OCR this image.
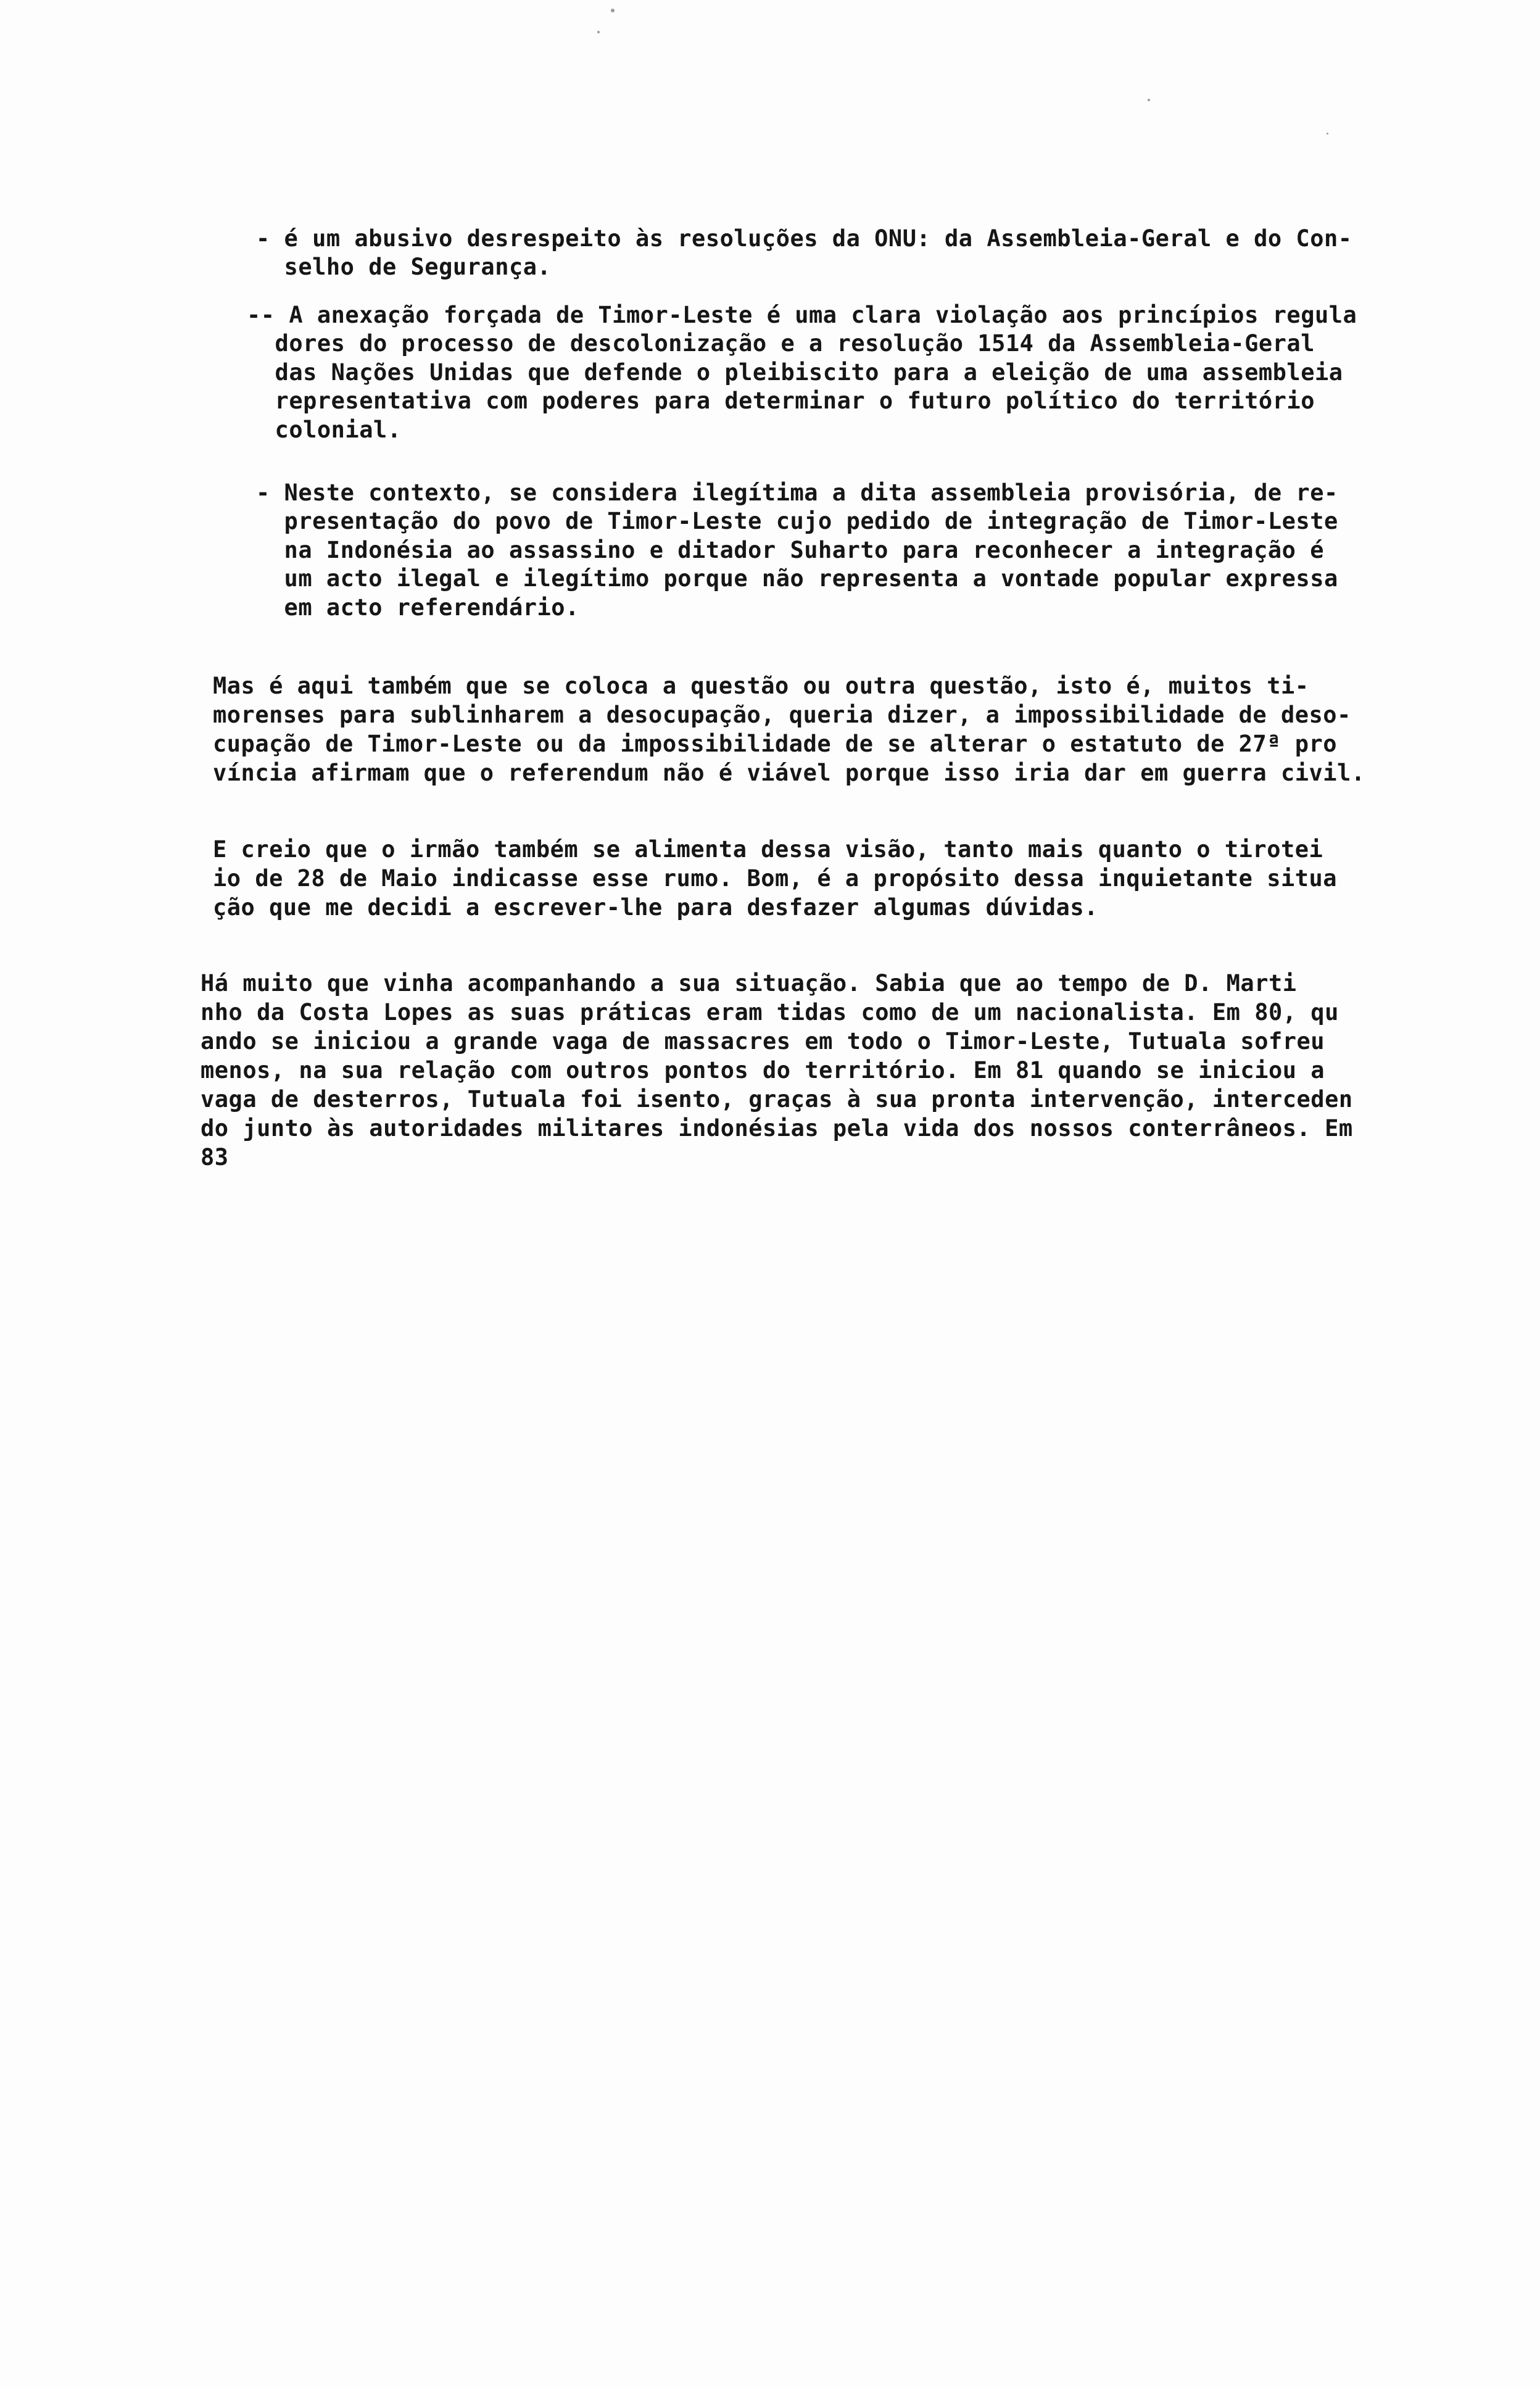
- é um abusivo desrespeito às resoluções da ONU: da Assembleia-Geral e do Con-
selho de Segurança.
-- A anexação forçada de Timor-Leste é uma clara violação aos princípios regula
dores do processo de descolonização e a resolução 1514 da Assembleia-Geral
das Nações Unidas que defende o pleibiscito para a eleição de uma assembleia
representativa com poderes para determinar o futuro político do território
colonial.
- Neste contexto, se considera ilegítima a dita assembleia provisória, de re-
presentação do povo de Timor-Leste cujo pedido de integração de Timor-Leste
na Indonésia ao assassino e ditador Suharto para reconhecer a integração é
um acto ilegal e ilegítimo porque não representa a vontade popular expressa
em acto referendário.
Mas é aqui também que se coloca a questão ou outra questão, isto é, muitos ti-
morenses para sublinharem a desocupação, queria dizer, a impossibilidade de deso-
cupação de Timor-Leste ou da impossibilidade de se alterar o estatuto de 27ª pro
víncia afirmam que o referendum não é viável porque isso iria dar em guerra civil.
E creio que o irmão também se alimenta dessa visão, tanto mais quanto o tirotei
io de 28 de Maio indicasse esse rumo. Bom, é a propósito dessa inquietante situa
ção que me decidi a escrever-lhe para desfazer algumas dúvidas.
Há muito que vinha acompanhando a sua situação. Sabia que ao tempo de D. Marti
nho da Costa Lopes as suas práticas eram tidas como de um nacionalista. Em 80, qu
ando se iniciou a grande vaga de massacres em todo o Timor-Leste, Tutuala sofreu
menos, na sua relação com outros pontos do território. Em 81 quando se iniciou a
vaga de desterros, Tutuala foi isento, graças à sua pronta intervenção, interceden
do junto às autoridades militares indonésias pela vida dos nossos conterrâneos. Em
83
